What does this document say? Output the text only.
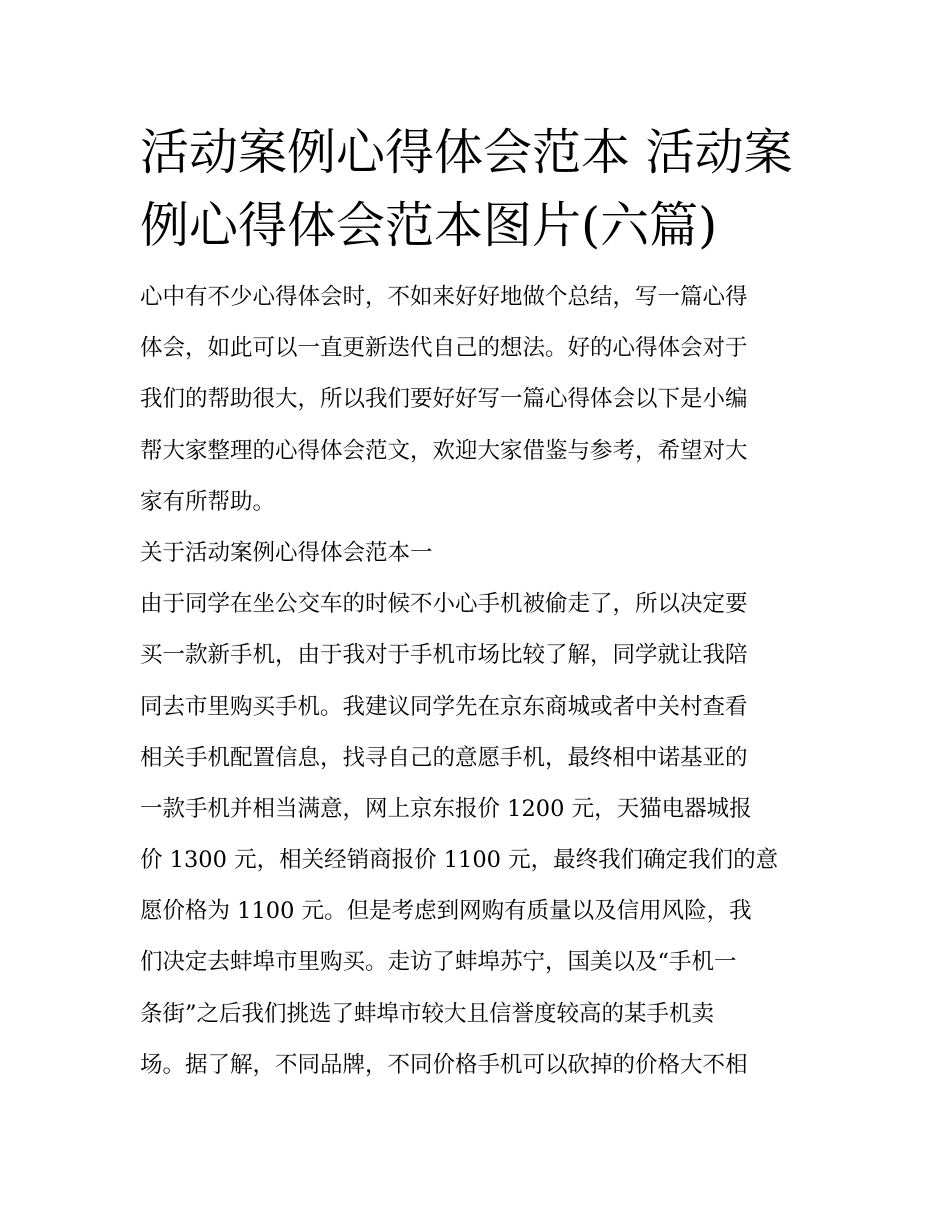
活动案例心得体会范本 活动案
例心得体会范本图片(六篇)
心中有不少心得体会时，不如来好好地做个总结，写一篇心得
体会，如此可以一直更新迭代自己的想法。好的心得体会对于
我们的帮助很大，所以我们要好好写一篇心得体会以下是小编
帮大家整理的心得体会范文，欢迎大家借鉴与参考，希望对大
家有所帮助。
关于活动案例心得体会范本一
由于同学在坐公交车的时候不小心手机被偷走了，所以决定要
买一款新手机，由于我对于手机市场比较了解，同学就让我陪
同去市里购买手机。我建议同学先在京东商城或者中关村查看
相关手机配置信息，找寻自己的意愿手机，最终相中诺基亚的
一款手机并相当满意，网上京东报价 1200 元，天猫电器城报
价 1300 元，相关经销商报价 1100 元，最终我们确定我们的意
愿价格为 1100 元。但是考虑到网购有质量以及信用风险，我
们决定去蚌埠市里购买。走访了蚌埠苏宁，国美以及“手机一
条街”之后我们挑选了蚌埠市较大且信誉度较高的某手机卖
场。据了解，不同品牌，不同价格手机可以砍掉的价格大不相
